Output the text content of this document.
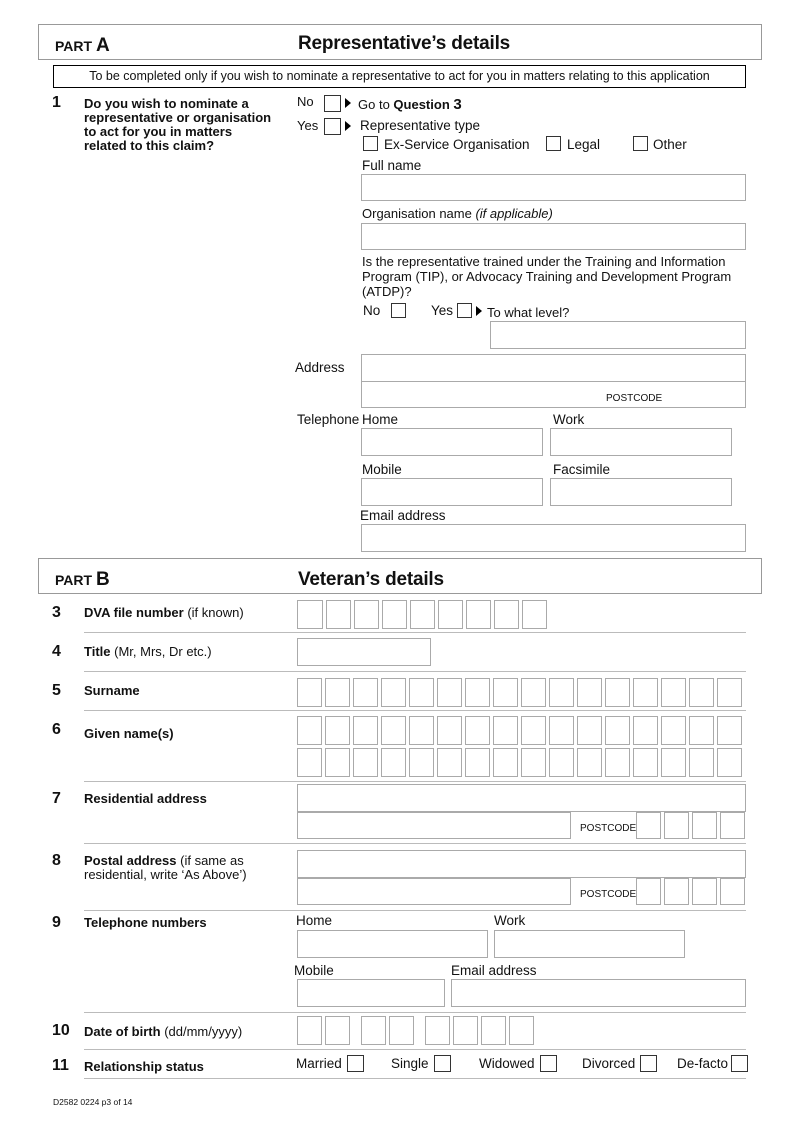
PART A	Representative’s details
To be completed only if you wish to nominate a representative to act for you in matters relating to this application
1 Do you wish to nominate a representative or organisation to act for you in matters related to this claim?
No	Go to Question 3
Yes	Representative type
Ex-Service Organisation	Legal	Other
Full name
Organisation name (if applicable)
Is the representative trained under the Training and Information Program (TIP), or Advocacy Training and Development Program (ATDP)?
No	Yes	To what level?
Address
POSTCODE
Telephone Home	Work
Mobile	Facsimile
Email address
PART B	Veteran’s details
3 DVA file number (if known)
4 Title (Mr, Mrs, Dr etc.)
5 Surname
6 Given name(s)
7 Residential address
POSTCODE
8 Postal address (if same as residential, write ‘As Above’)
POSTCODE
9 Telephone numbers	Home	Work
Mobile	Email address
10 Date of birth (dd/mm/yyyy)
11 Relationship status	Married	Single	Widowed	Divorced	De-facto
D2582 0224 p3 of 14
